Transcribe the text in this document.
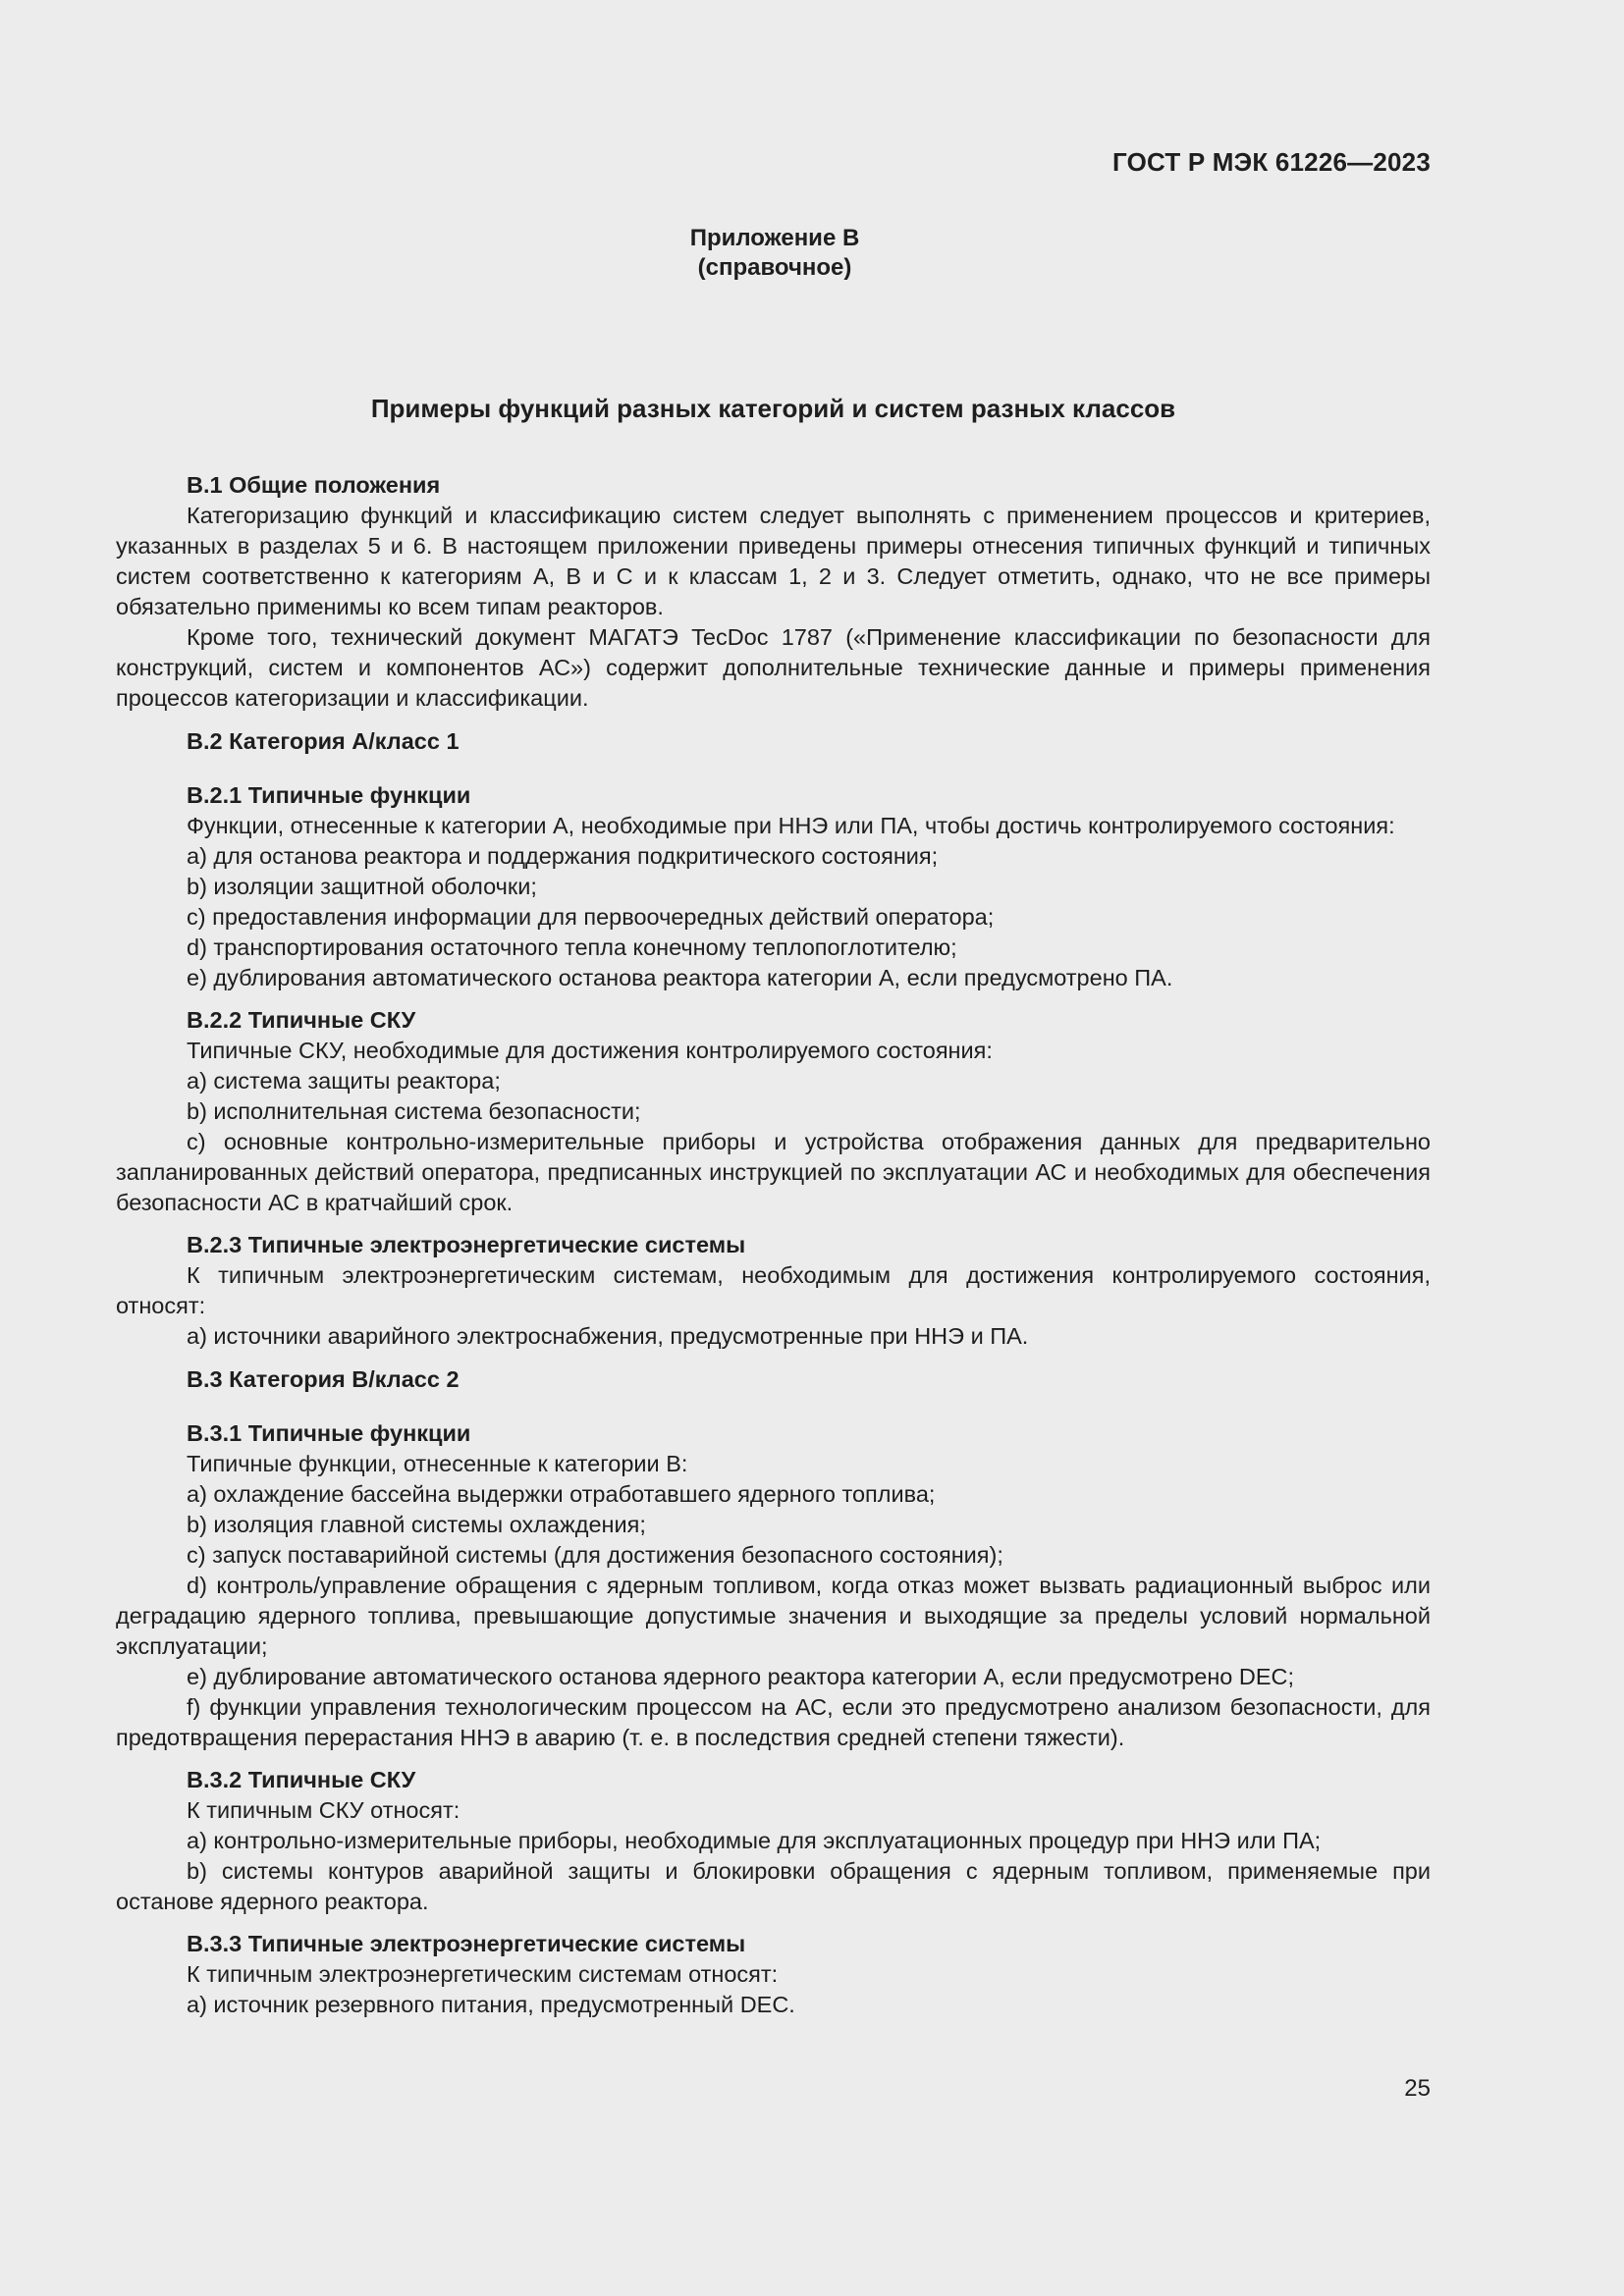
ГОСТ Р МЭК 61226—2023
Приложение В
(справочное)
Примеры функций разных категорий и систем разных классов

В.1 Общие положения

Категоризацию функций и классификацию систем следует выполнять с применением процессов и критериев, указанных в разделах 5 и 6. В настоящем приложении приведены примеры отнесения типичных функций и типичных систем соответственно к категориям А, В и С и к классам 1, 2 и 3. Следует отметить, однако, что не все примеры обязательно применимы ко всем типам реакторов.

Кроме того, технический документ МАГАТЭ TecDoc 1787 («Применение классификации по безопасности для конструкций, систем и компонентов АС») содержит дополнительные технические данные и примеры применения процессов категоризации и классификации.

В.2 Категория А/класс 1

В.2.1 Типичные функции

Функции, отнесенные к категории А, необходимые при ННЭ или ПА, чтобы достичь контролируемого состояния:

a) для останова реактора и поддержания подкритического состояния;

b) изоляции защитной оболочки;

c) предоставления информации для первоочередных действий оператора;

d) транспортирования остаточного тепла конечному теплопоглотителю;

e) дублирования автоматического останова реактора категории А, если предусмотрено ПА.

В.2.2 Типичные СКУ

Типичные СКУ, необходимые для достижения контролируемого состояния:

a) система защиты реактора;

b) исполнительная система безопасности;

c) основные контрольно-измерительные приборы и устройства отображения данных для предварительно запланированных действий оператора, предписанных инструкцией по эксплуатации АС и необходимых для обеспечения безопасности АС в кратчайший срок.

В.2.3 Типичные электроэнергетические системы

К типичным электроэнергетическим системам, необходимым для достижения контролируемого состояния, относят:

a) источники аварийного электроснабжения, предусмотренные при ННЭ и ПА.

В.3 Категория В/класс 2

В.3.1 Типичные функции

Типичные функции, отнесенные к категории В:

a) охлаждение бассейна выдержки отработавшего ядерного топлива;

b) изоляция главной системы охлаждения;

c) запуск поставарийной системы (для достижения безопасного состояния);

d) контроль/управление обращения с ядерным топливом, когда отказ может вызвать радиационный выброс или деградацию ядерного топлива, превышающие допустимые значения и выходящие за пределы условий нормальной эксплуатации;

e) дублирование автоматического останова ядерного реактора категории А, если предусмотрено DEC;

f) функции управления технологическим процессом на АС, если это предусмотрено анализом безопасности, для предотвращения перерастания ННЭ в аварию (т. е. в последствия средней степени тяжести).

В.3.2 Типичные СКУ

К типичным СКУ относят:

a) контрольно-измерительные приборы, необходимые для эксплуатационных процедур при ННЭ или ПА;

b) системы контуров аварийной защиты и блокировки обращения с ядерным топливом, применяемые при останове ядерного реактора.

В.3.3 Типичные электроэнергетические системы

К типичным электроэнергетическим системам относят:

a) источник резервного питания, предусмотренный DEC.

25
